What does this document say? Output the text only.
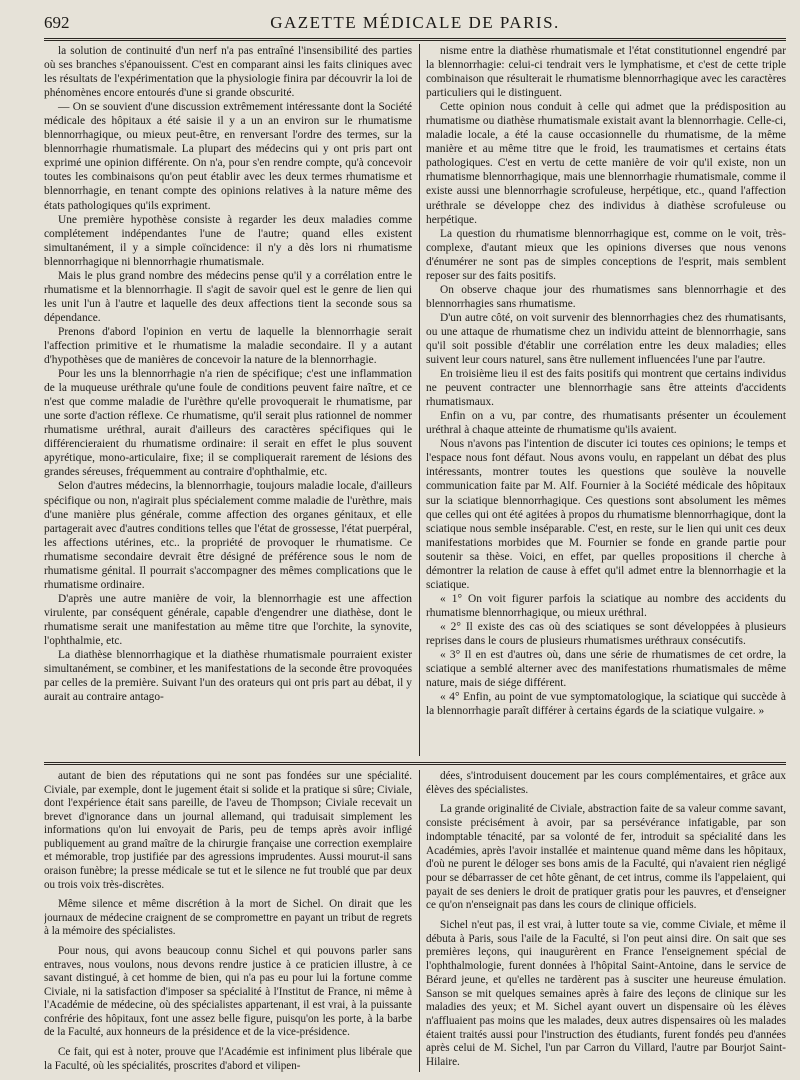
692	GAZETTE MÉDICALE DE PARIS.

la solution de continuité d'un nerf n'a pas entraîné l'insensibilité des parties où ses branches s'épanouissent. C'est en comparant ainsi les faits cliniques avec les résultats de l'expérimentation que la physiologie finira par découvrir la loi de phénomènes encore entourés d'une si grande obscurité.

— On se souvient d'une discussion extrêmement intéressante dont la Société médicale des hôpitaux a été saisie il y a un an environ sur le rhumatisme blennorrhagique, ou mieux peut-être, en renversant l'ordre des termes, sur la blennorrhagie rhumatismale. La plupart des médecins qui y ont pris part ont exprimé une opinion différente. On n'a, pour s'en rendre compte, qu'à concevoir toutes les combinaisons qu'on peut établir avec les deux termes rhumatisme et blennorrhagie, en tenant compte des opinions relatives à la nature même des états pathologiques qu'ils expriment.

Une première hypothèse consiste à regarder les deux maladies comme complétement indépendantes l'une de l'autre; quand elles existent simultanément, il y a simple coïncidence: il n'y a dès lors ni rhumatisme blennorrhagique ni blennorrhagie rhumatismale.

Mais le plus grand nombre des médecins pense qu'il y a corrélation entre le rhumatisme et la blennorrhagie. Il s'agit de savoir quel est le genre de lien qui les unit l'un à l'autre et laquelle des deux affections tient la seconde sous sa dépendance.

Prenons d'abord l'opinion en vertu de laquelle la blennorrhagie serait l'affection primitive et le rhumatisme la maladie secondaire. Il y a autant d'hypothèses que de manières de concevoir la nature de la blennorrhagie.

Pour les uns la blennorrhagie n'a rien de spécifique; c'est une inflammation de la muqueuse uréthrale qu'une foule de conditions peuvent faire naître, et ce n'est que comme maladie de l'urèthre qu'elle provoquerait le rhumatisme, par une sorte d'action réflexe. Ce rhumatisme, qu'il serait plus rationnel de nommer rhumatisme uréthral, aurait d'ailleurs des caractères spécifiques qui le différencieraient du rhumatisme ordinaire: il serait en effet le plus souvent apyrétique, mono-articulaire, fixe; il se compliquerait rarement de lésions des grandes séreuses, fréquemment au contraire d'ophthalmie, etc.

Selon d'autres médecins, la blennorrhagie, toujours maladie locale, d'ailleurs spécifique ou non, n'agirait plus spécialement comme maladie de l'urèthre, mais d'une manière plus générale, comme affection des organes génitaux, et elle partagerait avec d'autres conditions telles que l'état de grossesse, l'état puerpéral, les affections utérines, etc.. la propriété de provoquer le rhumatisme. Ce rhumatisme secondaire devrait être désigné de préférence sous le nom de rhumatisme génital. Il pourrait s'accompagner des mêmes complications que le rhumatisme ordinaire.

D'après une autre manière de voir, la blennorrhagie est une affection virulente, par conséquent générale, capable d'engendrer une diathèse, dont le rhumatisme serait une manifestation au même titre que l'orchite, la synovite, l'ophthalmie, etc.

La diathèse blennorrhagique et la diathèse rhumatismale pourraient exister simultanément, se combiner, et les manifestations de la seconde être provoquées par celles de la première. Suivant l'un des orateurs qui ont pris part au débat, il y aurait au contraire antago-

nisme entre la diathèse rhumatismale et l'état constitutionnel engendré par la blennorrhagie: celui-ci tendrait vers le lymphatisme, et c'est de cette triple combinaison que résulterait le rhumatisme blennorrhagique avec les caractères particuliers qui le distinguent.

Cette opinion nous conduit à celle qui admet que la prédisposition au rhumatisme ou diathèse rhumatismale existait avant la blennorrhagie. Celle-ci, maladie locale, a été la cause occasionnelle du rhumatisme, de la même manière et au même titre que le froid, les traumatismes et certains états pathologiques. C'est en vertu de cette manière de voir qu'il existe, non un rhumatisme blennorrhagique, mais une blennorrhagie rhumatismale, comme il existe aussi une blennorrhagie scrofuleuse, herpétique, etc., quand l'affection uréthrale se développe chez des individus à diathèse scrofuleuse ou herpétique.

La question du rhumatisme blennorrhagique est, comme on le voit, très-complexe, d'autant mieux que les opinions diverses que nous venons d'énumérer ne sont pas de simples conceptions de l'esprit, mais semblent reposer sur des faits positifs.

On observe chaque jour des rhumatismes sans blennorrhagie et des blennorrhagies sans rhumatisme.

D'un autre côté, on voit survenir des blennorrhagies chez des rhumatisants, ou une attaque de rhumatisme chez un individu atteint de blennorrhagie, sans qu'il soit possible d'établir une corrélation entre les deux maladies; elles suivent leur cours naturel, sans être nullement influencées l'une par l'autre.

En troisième lieu il est des faits positifs qui montrent que certains individus ne peuvent contracter une blennorrhagie sans être atteints d'accidents rhumatismaux.

Enfin on a vu, par contre, des rhumatisants présenter un écoulement uréthral à chaque atteinte de rhumatisme qu'ils avaient.

Nous n'avons pas l'intention de discuter ici toutes ces opinions; le temps et l'espace nous font défaut. Nous avons voulu, en rappelant un débat des plus intéressants, montrer toutes les questions que soulève la nouvelle communication faite par M. Alf. Fournier à la Société médicale des hôpitaux sur la sciatique blennorrhagique. Ces questions sont absolument les mêmes que celles qui ont été agitées à propos du rhumatisme blennorrhagique, dont la sciatique nous semble inséparable. C'est, en reste, sur le lien qui unit ces deux manifestations morbides que M. Fournier se fonde en grande partie pour soutenir sa thèse. Voici, en effet, par quelles propositions il cherche à démontrer la relation de cause à effet qu'il admet entre la blennorrhagie et la sciatique.

« 1° On voit figurer parfois la sciatique au nombre des accidents du rhumatisme blennorrhagique, ou mieux uréthral.

« 2° Il existe des cas où des sciatiques se sont développées à plusieurs reprises dans le cours de plusieurs rhumatismes uréthraux consécutifs.

« 3° Il en est d'autres où, dans une série de rhumatismes de cet ordre, la sciatique a semblé alterner avec des manifestations rhumatismales de même nature, mais de siége différent.

« 4° Enfin, au point de vue symptomatologique, la sciatique qui succède à la blennorrhagie paraît différer à certains égards de la sciatique vulgaire. »

autant de bien des réputations qui ne sont pas fondées sur une spécialité. Civiale, par exemple, dont le jugement était si solide et la pratique si sûre; Civiale, dont l'expérience était sans pareille, de l'aveu de Thompson; Civiale recevait un brevet d'ignorance dans un journal allemand, qui traduisait simplement les informations qu'on lui envoyait de Paris, peu de temps après avoir infligé publiquement au grand maître de la chirurgie française une correction exemplaire et mémorable, trop justifiée par des agressions imprudentes. Aussi mourut-il sans oraison funèbre; la presse médicale se tut et le silence ne fut troublé que par deux ou trois voix très-discrètes.

Même silence et même discrétion à la mort de Sichel. On dirait que les journaux de médecine craignent de se compromettre en payant un tribut de regrets à la mémoire des spécialistes.

Pour nous, qui avons beaucoup connu Sichel et qui pouvons parler sans entraves, nous voulons, nous devons rendre justice à ce praticien illustre, à ce savant distingué, à cet homme de bien, qui n'a pas eu pour lui la fortune comme Civiale, ni la satisfaction d'imposer sa spécialité à l'Institut de France, ni même à l'Académie de médecine, où des spécialistes appartenant, il est vrai, à la puissante confrérie des hôpitaux, font une assez belle figure, puisqu'on les porte, à la barbe de la Faculté, aux honneurs de la présidence et de la vice-présidence.

Ce fait, qui est à noter, prouve que l'Académie est infiniment plus libérale que la Faculté, où les spécialités, proscrites d'abord et vilipen-

dées, s'introduisent doucement par les cours complémentaires, et grâce aux élèves des spécialistes.

La grande originalité de Civiale, abstraction faite de sa valeur comme savant, consiste précisément à avoir, par sa persévérance infatigable, par son indomptable ténacité, par sa volonté de fer, introduit sa spécialité dans les Académies, après l'avoir installée et maintenue quand même dans les hôpitaux, d'où ne purent le déloger ses bons amis de la Faculté, qui n'avaient rien négligé pour se débarrasser de cet hôte gênant, de cet intrus, comme ils l'appelaient, qui payait de ses deniers le droit de pratiquer gratis pour les pauvres, et d'enseigner ce qu'on n'enseignait pas dans les cours de clinique officiels.

Sichel n'eut pas, il est vrai, à lutter toute sa vie, comme Civiale, et même il débuta à Paris, sous l'aile de la Faculté, si l'on peut ainsi dire. On sait que ses premières leçons, qui inaugurèrent en France l'enseignement spécial de l'ophthalmologie, furent données à l'hôpital Saint-Antoine, dans le service de Bérard jeune, et qu'elles ne tardèrent pas à susciter une heureuse émulation. Sanson se mit quelques semaines après à faire des leçons de clinique sur les maladies des yeux; et M. Sichel ayant ouvert un dispensaire où les élèves n'affluaient pas moins que les malades, deux autres dispensaires où les malades étaient traités aussi pour l'instruction des étudiants, furent fondés peu d'années après celui de M. Sichel, l'un par Carron du Villard, l'autre par Bourjot Saint-Hilaire.
